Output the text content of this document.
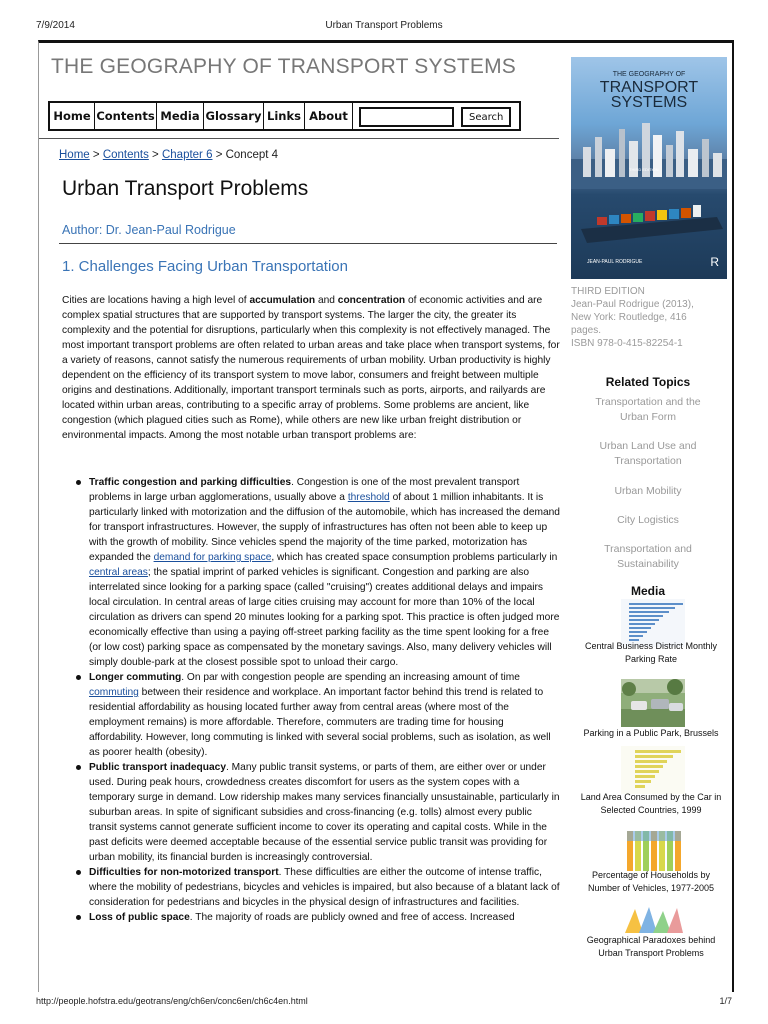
7/9/2014	Urban Transport Problems
THE GEOGRAPHY OF TRANSPORT SYSTEMS
Home Contents Media Glossary Links About	Search
Home > Contents > Chapter 6 > Concept 4
Urban Transport Problems
Author: Dr. Jean-Paul Rodrigue
1. Challenges Facing Urban Transportation

Cities are locations having a high level of accumulation and concentration of economic activities and are complex spatial structures that are supported by transport systems. The larger the city, the greater its complexity and the potential for disruptions, particularly when this complexity is not effectively managed. The most important transport problems are often related to urban areas and take place when transport systems, for a variety of reasons, cannot satisfy the numerous requirements of urban mobility. Urban productivity is highly dependent on the efficiency of its transport system to move labor, consumers and freight between multiple origins and destinations. Additionally, important transport terminals such as ports, airports, and railyards are located within urban areas, contributing to a specific array of problems. Some problems are ancient, like congestion (which plagued cities such as Rome), while others are new like urban freight distribution or environmental impacts. Among the most notable urban transport problems are:

Traffic congestion and parking difficulties. Congestion is one of the most prevalent transport problems in large urban agglomerations, usually above a threshold of about 1 million inhabitants. It is particularly linked with motorization and the diffusion of the automobile, which has increased the demand for transport infrastructures. However, the supply of infrastructures has often not been able to keep up with the growth of mobility. Since vehicles spend the majority of the time parked, motorization has expanded the demand for parking space, which has created space consumption problems particularly in central areas; the spatial imprint of parked vehicles is significant. Congestion and parking are also interrelated since looking for a parking space (called "cruising") creates additional delays and impairs local circulation. In central areas of large cities cruising may account for more than 10% of the local circulation as drivers can spend 20 minutes looking for a parking spot. This practice is often judged more economically effective than using a paying off-street parking facility as the time spent looking for a free (or low cost) parking space as compensated by the monetary savings. Also, many delivery vehicles will simply double-park at the closest possible spot to unload their cargo.
Longer commuting. On par with congestion people are spending an increasing amount of time commuting between their residence and workplace. An important factor behind this trend is related to residential affordability as housing located further away from central areas (where most of the employment remains) is more affordable. Therefore, commuters are trading time for housing affordability. However, long commuting is linked with several social problems, such as isolation, as well as poorer health (obesity).
Public transport inadequacy. Many public transit systems, or parts of them, are either over or under used. During peak hours, crowdedness creates discomfort for users as the system copes with a temporary surge in demand. Low ridership makes many services financially unsustainable, particularly in suburban areas. In spite of significant subsidies and cross-financing (e.g. tolls) almost every public transit systems cannot generate sufficient income to cover its operating and capital costs. While in the past deficits were deemed acceptable because of the essential service public transit was providing for urban mobility, its financial burden is increasingly controversial.
Difficulties for non-motorized transport. These difficulties are either the outcome of intense traffic, where the mobility of pedestrians, bicycles and vehicles is impaired, but also because of a blatant lack of consideration for pedestrians and bicycles in the physical design of infrastructures and facilities.
Loss of public space. The majority of roads are publicly owned and free of access. Increased
THE GEOGRAPHY OF
TRANSPORT
SYSTEMS
THIRD EDITION
JEAN-PAUL RODRIGUE	R
THIRD EDITION
Jean-Paul Rodrigue (2013),
New York: Routledge, 416
pages.
ISBN 978-0-415-82254-1
Related Topics
Transportation and the
Urban Form
Urban Land Use and
Transportation
Urban Mobility
City Logistics
Transportation and
Sustainability
Media
Central Business District Monthly
Parking Rate
Parking in a Public Park, Brussels
Land Area Consumed by the Car in
Selected Countries, 1999
Percentage of Households by
Number of Vehicles, 1977-2005
Geographical Paradoxes behind
Urban Transport Problems
http://people.hofstra.edu/geotrans/eng/ch6en/conc6en/ch6c4en.html	1/7
